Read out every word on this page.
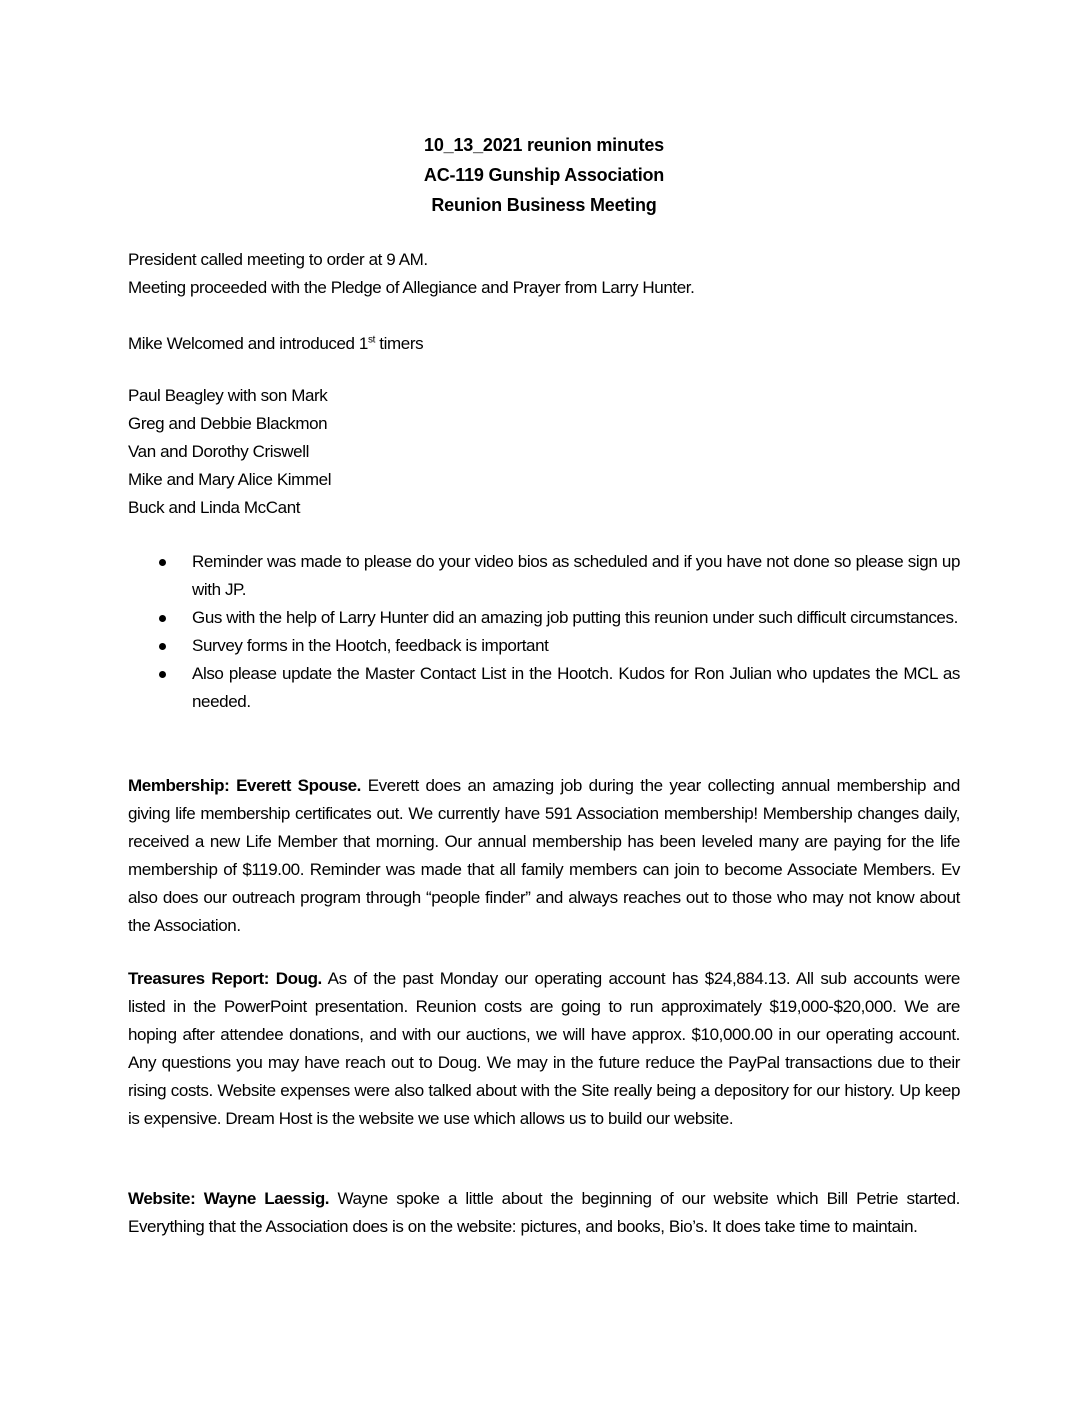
10_13_2021 reunion minutes
AC-119 Gunship Association
Reunion Business Meeting
President called meeting to order at 9 AM.
Meeting proceeded with the Pledge of Allegiance and Prayer from Larry Hunter.
Mike Welcomed and introduced 1st timers
Paul Beagley with son Mark
Greg and Debbie Blackmon
Van and Dorothy Criswell
Mike and Mary Alice Kimmel
Buck and Linda McCant
Reminder was made to please do your video bios as scheduled and if you have not done so please sign up with JP.
Gus with the help of Larry Hunter did an amazing job putting this reunion under such difficult circumstances.
Survey forms in the Hootch, feedback is important
Also please update the Master Contact List in the Hootch. Kudos for Ron Julian who updates the MCL as needed.
Membership: Everett Spouse. Everett does an amazing job during the year collecting annual membership and giving life membership certificates out. We currently have 591 Association membership! Membership changes daily, received a new Life Member that morning. Our annual membership has been leveled many are paying for the life membership of $119.00. Reminder was made that all family members can join to become Associate Members. Ev also does our outreach program through “people finder” and always reaches out to those who may not know about the Association.
Treasures Report: Doug. As of the past Monday our operating account has $24,884.13. All sub accounts were listed in the PowerPoint presentation. Reunion costs are going to run approximately $19,000-$20,000. We are hoping after attendee donations, and with our auctions, we will have approx. $10,000.00 in our operating account. Any questions you may have reach out to Doug. We may in the future reduce the PayPal transactions due to their rising costs. Website expenses were also talked about with the Site really being a depository for our history. Up keep is expensive. Dream Host is the website we use which allows us to build our website.
Website: Wayne Laessig. Wayne spoke a little about the beginning of our website which Bill Petrie started. Everything that the Association does is on the website: pictures, and books, Bio’s. It does take time to maintain.
